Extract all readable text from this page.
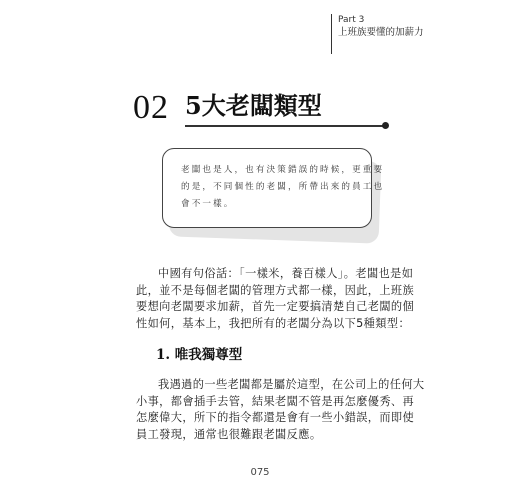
Part 3
上班族要懂的加薪力
02 5大老闆類型
老闆也是人，也有決策錯誤的時候，更重要
的是，不同個性的老闆，所帶出來的員工也
會不一樣。
中國有句俗話：「一樣米，養百樣人」。老闆也是如
此，並不是每個老闆的管理方式都一樣，因此，上班族
要想向老闆要求加薪，首先一定要搞清楚自己老闆的個
性如何，基本上，我把所有的老闆分為以下5種類型：
1. 唯我獨尊型
我遇過的一些老闆都是屬於這型，在公司上的任何大
小事，都會插手去管，結果老闆不管是再怎麼優秀、再
怎麼偉大，所下的指令都還是會有一些小錯誤，而即使
員工發現，通常也很難跟老闆反應。
075
